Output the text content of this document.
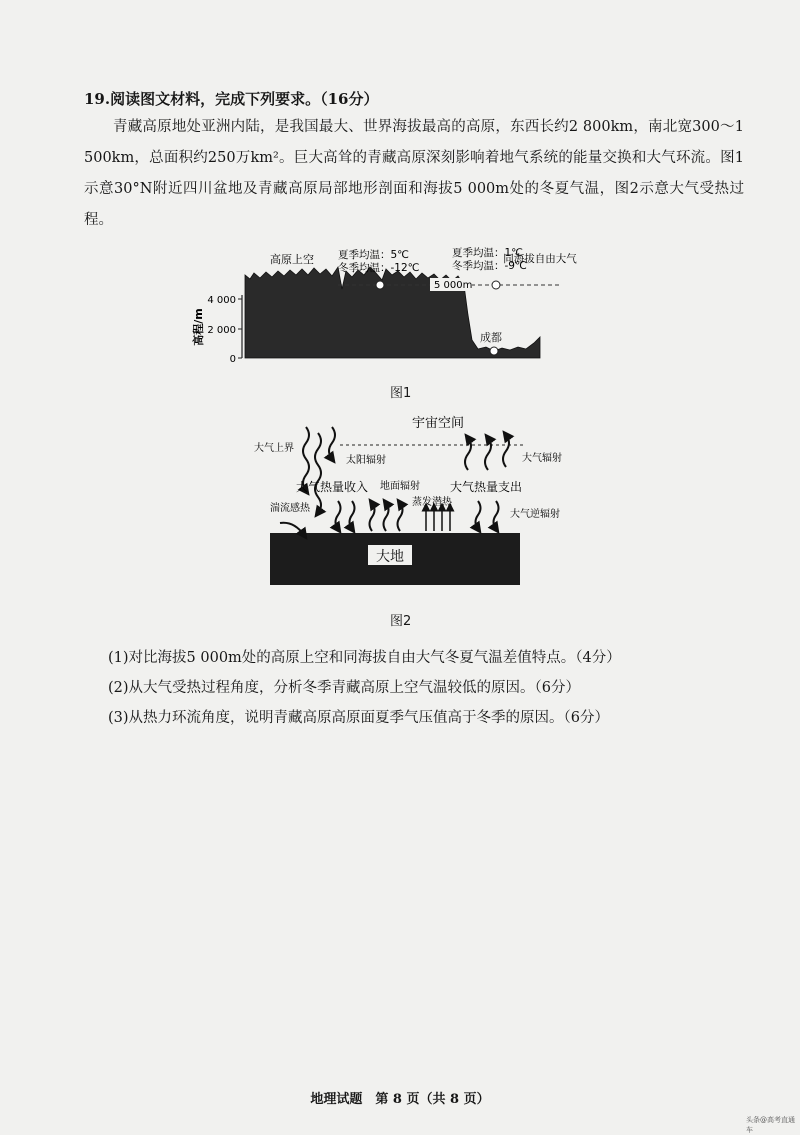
19.阅读图文材料，完成下列要求。（16分）
青藏高原地处亚洲内陆，是我国最大、世界海拔最高的高原，东西长约2 800km，南北宽300～1 500km，总面积约250万km²。巨大高耸的青藏高原深刻影响着地气系统的能量交换和大气环流。图1示意30°N附近四川盆地及青藏高原局部地形剖面和海拔5 000m处的冬夏气温，图2示意大气受热过程。
4 000
2 000
0
高程/m
5 000m
成都
高原上空 夏季均温：5℃
冬季均温：-12℃
夏季均温：1℃
冬季均温：-9℃
同海拔自由大气
图1
大地
宇宙空间
大气上界
太阳辐射	大气辐射
大气热量收入	大气热量支出
地面辐射
蒸发潜热
大气逆辐射
湍流感热
图2
(1)对比海拔5 000m处的高原上空和同海拔自由大气冬夏气温差值特点。（4分）
(2)从大气受热过程角度，分析冬季青藏高原上空气温较低的原因。（6分）
(3)从热力环流角度，说明青藏高原高原面夏季气压值高于冬季的原因。（6分）
地理试题　第 8 页（共 8 页）
头条@高考直通车
